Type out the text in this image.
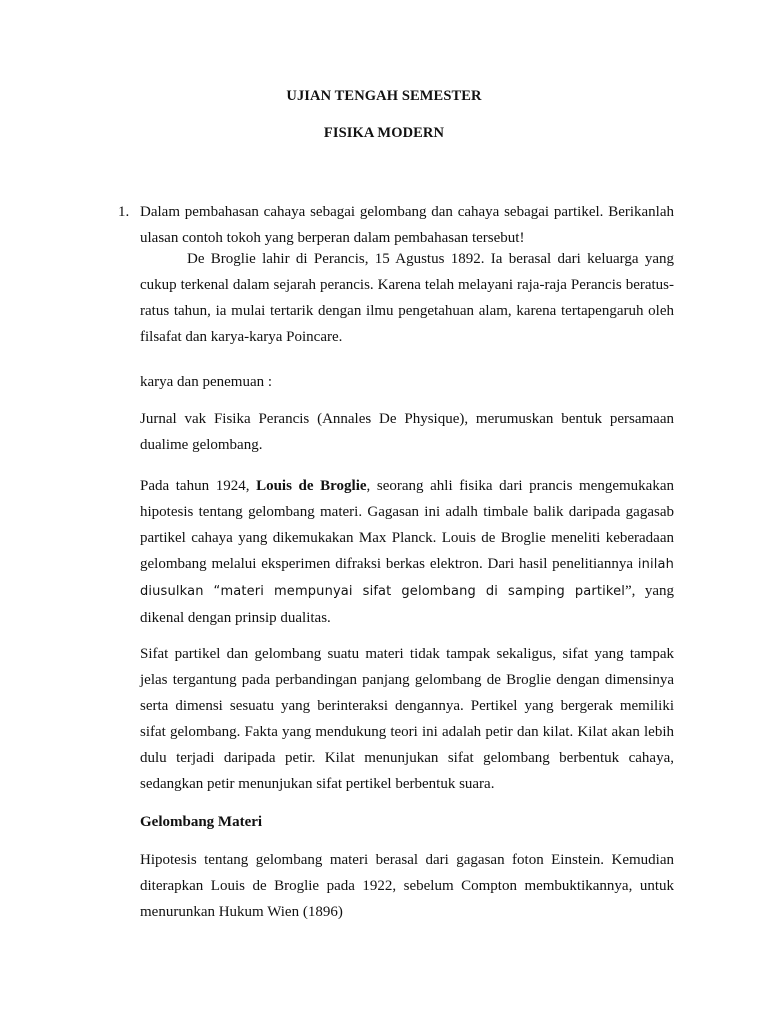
UJIAN TENGAH SEMESTER
FISIKA MODERN
1. Dalam pembahasan cahaya sebagai gelombang dan cahaya sebagai partikel. Berikanlah ulasan contoh tokoh yang berperan dalam pembahasan tersebut!
De Broglie lahir di Perancis, 15 Agustus 1892. Ia berasal dari keluarga yang cukup terkenal dalam sejarah perancis. Karena telah melayani raja-raja Perancis beratus-ratus tahun, ia mulai tertarik dengan ilmu pengetahuan alam, karena tertapengaruh oleh filsafat dan karya-karya Poincare.
karya dan penemuan :
Jurnal vak Fisika Perancis (Annales De Physique), merumuskan bentuk persamaan dualime gelombang.
Pada tahun 1924, Louis de Broglie, seorang ahli fisika dari prancis mengemukakan hipotesis tentang gelombang materi. Gagasan ini adalh timbale balik daripada gagasab partikel cahaya yang dikemukakan Max Planck. Louis de Broglie meneliti keberadaan gelombang melalui eksperimen difraksi berkas elektron. Dari hasil penelitiannya inilah diusulkan “materi mempunyai sifat gelombang di samping partikel”, yang dikenal dengan prinsip dualitas.
Sifat partikel dan gelombang suatu materi tidak tampak sekaligus, sifat yang tampak jelas tergantung pada perbandingan panjang gelombang de Broglie dengan dimensinya serta dimensi sesuatu yang berinteraksi dengannya. Pertikel yang bergerak memiliki sifat gelombang. Fakta yang mendukung teori ini adalah petir dan kilat. Kilat akan lebih dulu terjadi daripada petir. Kilat menunjukan sifat gelombang berbentuk cahaya, sedangkan petir menunjukan sifat pertikel berbentuk suara.
Gelombang Materi
Hipotesis tentang gelombang materi berasal dari gagasan foton Einstein. Kemudian diterapkan Louis de Broglie pada 1922, sebelum Compton membuktikannya, untuk menurunkan Hukum Wien (1896)
